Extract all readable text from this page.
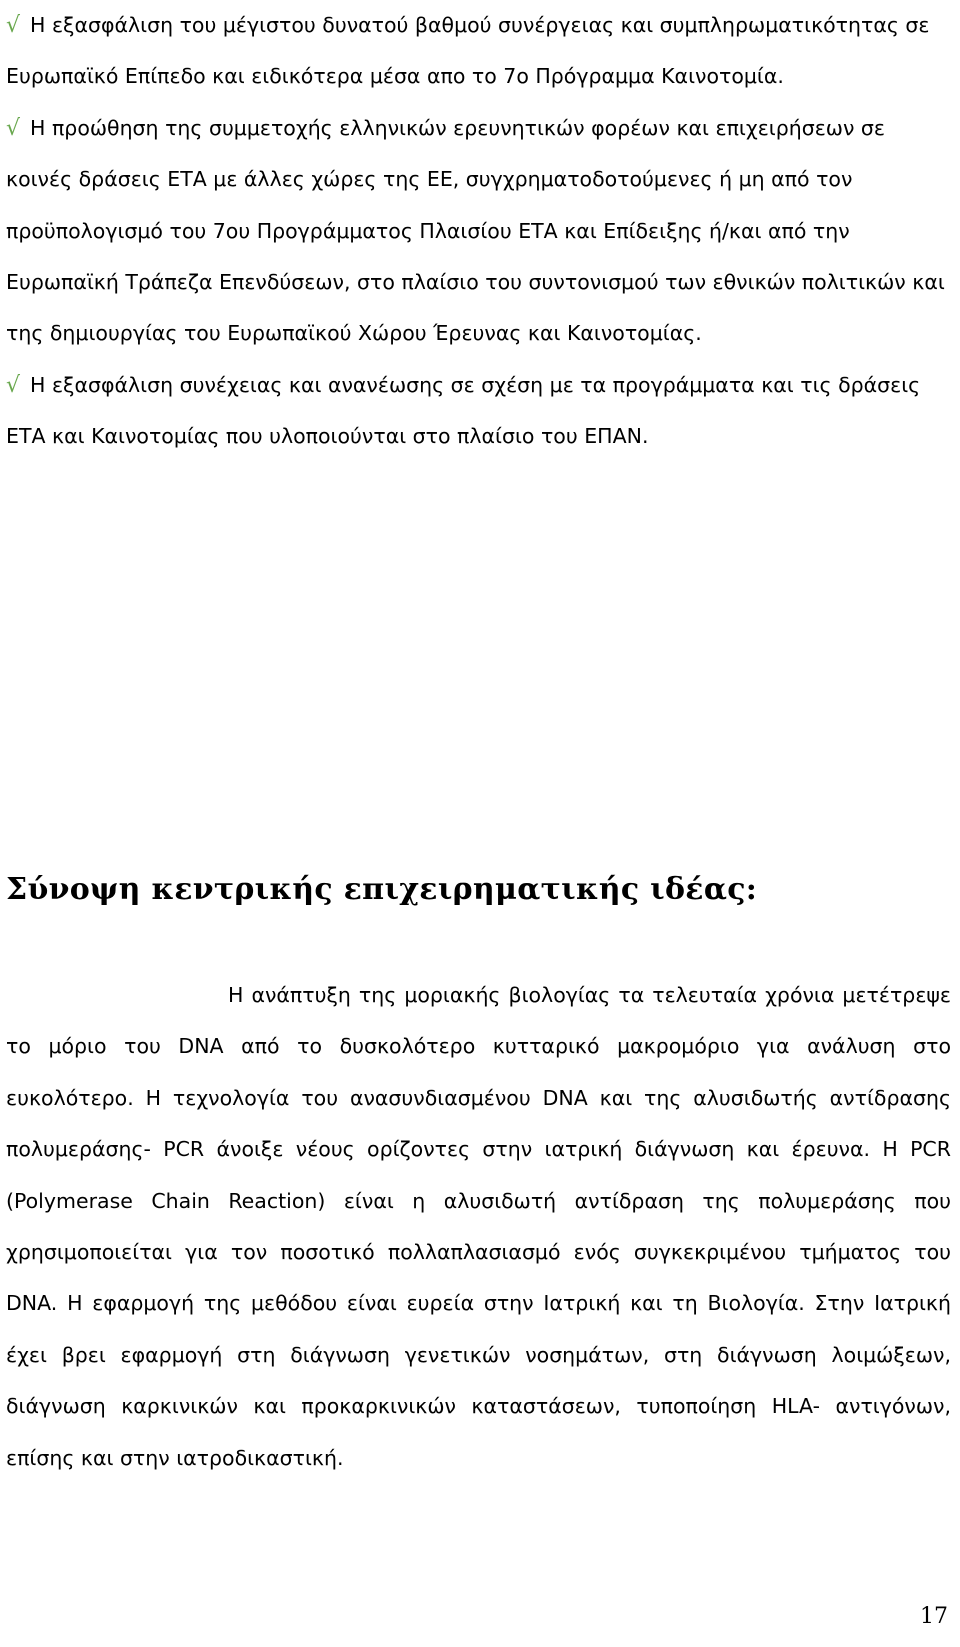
√ Η εξασφάλιση του μέγιστου δυνατού βαθμού συνέργειας και συμπληρωματικότητας σε Ευρωπαϊκό Επίπεδο και ειδικότερα μέσα απο το 7ο Πρόγραμμα Καινοτομία.
√ Η προώθηση της συμμετοχής ελληνικών ερευνητικών φορέων και επιχειρήσεων σε κοινές δράσεις ΕΤΑ με άλλες χώρες της ΕΕ, συγχρηματοδοτούμενες ή μη από τον προϋπολογισμό του 7ου Προγράμματος Πλαισίου ΕΤΑ και Επίδειξης ή/και από την Ευρωπαϊκή Τράπεζα Επενδύσεων, στο πλαίσιο του συντονισμού των εθνικών πολιτικών και της δημιουργίας του Ευρωπαϊκού Χώρου Έρευνας και Καινοτομίας.
√ Η εξασφάλιση συνέχειας και ανανέωσης σε σχέση με τα προγράμματα και τις δράσεις ΕΤΑ και Καινοτομίας που υλοποιούνται στο πλαίσιο του ΕΠΑΝ.
Σύνοψη κεντρικής επιχειρηματικής ιδέας:

Η ανάπτυξη της μοριακής βιολογίας τα τελευταία χρόνια μετέτρεψε το μόριο του DNA από το δυσκολότερο κυτταρικό μακρομόριο για ανάλυση στο ευκολότερο. Η τεχνολογία του ανασυνδιασμένου DNA και της αλυσιδωτής αντίδρασης πολυμεράσης- PCR άνοιξε νέους ορίζοντες στην ιατρική διάγνωση και έρευνα. Η PCR (Polymerase Chain Reaction) είναι η αλυσιδωτή αντίδραση της πολυμεράσης που χρησιμοποιείται για τον ποσοτικό πολλαπλασιασμό ενός συγκεκριμένου τμήματος του DNA. Η εφαρμογή της μεθόδου είναι ευρεία στην Ιατρική και τη Βιολογία. Στην Ιατρική έχει βρει εφαρμογή στη διάγνωση γενετικών νοσημάτων, στη διάγνωση λοιμώξεων, διάγνωση καρκινικών και προκαρκινικών καταστάσεων, τυποποίηση HLA- αντιγόνων, επίσης και στην ιατροδικαστική.

17
